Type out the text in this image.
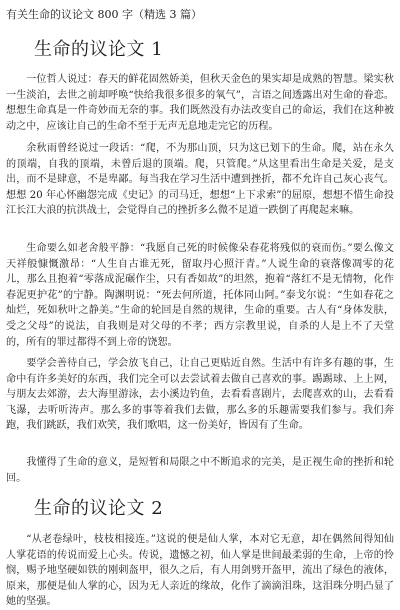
有关生命的议论文 800 字（精选 3 篇）
生命的议论文 1
一位哲人说过：春天的鲜花固然娇美，但秋天金色的果实却是成熟的智慧。梁实秋一生淡泊，去世之前却呼唤“快给我很多很多的氧气”，言语之间透露出对生命的眷恋。想想生命真是一件奇妙而无奈的事。我们既然没有办法改变自己的命运，我们在这种被动之中，应该让自己的生命不至于无声无息地走完它的历程。
余秋雨曾经说过一段话：“爬，不为那山顶，只为这已划下的生命。爬，站在永久的顶端，自我的顶端，未曾后退的顶端。爬，只管爬。”从这里看出生命是关爱，是支出，而不是肆意，不是卑鄙。每当我在学习生活中遭到挫折，都不允许自己灰心丧气。想想 20 年心怀幽怨完成《史记》的司马迁，想想“上下求索”的屈原，想想不惜生命投江长江大浪的抗洪战士，会觉得自己的挫折多么微不足道一跌倒了再爬起来嘛。
生命要么如老舍般平静：“我愿自己死的时候像朵春花将残似的衰而伤。”要么像文天祥般慷慨激昂：“人生自古谁无死，留取丹心照汗青。”人说生命的衰落像凋零的花儿，那么且抱着“零落成泥碾作尘，只有香如故”的坦然，抱着“落红不是无情物，化作春泥更护花”的宁静。陶渊明说：“死去何所道，托体同山阿。”泰戈尔说：“生如春花之灿烂，死如秋叶之静美。”生命的轮回是自然的规律，生命的重要。古人有“身体发肤，受之父母”的说法，自我则是对父母的不孝；西方宗教里说，自杀的人是上不了天堂的，所有的罪过都得不到上帝的饶恕。
要学会善待自己，学会放飞自己，让自己更贴近自然。生活中有许多有趣的事，生命中有许多美好的东西，我们完全可以去尝试着去做自己喜欢的事。踢踢球、上上网，与朋友去郊游，去大海里游泳，去小溪边钓鱼，去看看喜剧片，去爬喜欢的山，去看看飞瀑，去听听涛声。那么多的事等着我们去做，那么多的乐趣需要我们参与。我们奔跑，我们跳跃，我们欢笑，我们歌唱，这一份美好，皆因有了生命。
我懂得了生命的意义，是短暂和局限之中不断追求的完美，是正视生命的挫折和轮回。
生命的议论文 2
“从老卷绿叶，枝枝相接连。”这说的便是仙人掌，本对它无意，却在偶然间得知仙人掌花语的传说而爱上心头。传说，遗憾之初，仙人掌是世间最柔弱的生命，上帝的怜悯，赐予地坚硬如铁的刚刺盔甲，很久之后，有人用剑劈开盔甲，流出了绿色的液体，原来，那便是仙人掌的心，因为无人亲近的缘故，化作了滴滴泪珠，这泪珠分明凸显了她的坚强。
